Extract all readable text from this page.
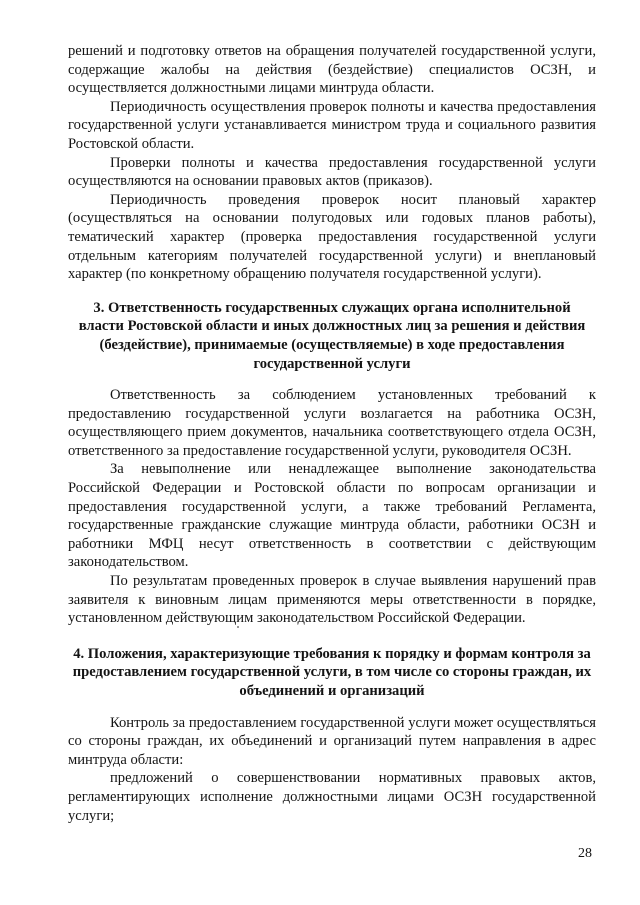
решений и подготовку ответов на обращения получателей государственной услуги, содержащие жалобы на действия (бездействие) специалистов ОСЗН, и осуществляется должностными лицами минтруда области.

Периодичность осуществления проверок полноты и качества предоставления государственной услуги устанавливается министром труда и социального развития Ростовской области.

Проверки полноты и качества предоставления государственной услуги осуществляются на основании правовых актов (приказов).

Периодичность проведения проверок носит плановый характер (осуществляться на основании полугодовых или годовых планов работы), тематический характер (проверка предоставления государственной услуги отдельным категориям получателей государственной услуги) и внеплановый характер (по конкретному обращению получателя государственной услуги).

3. Ответственность государственных служащих органа исполнительной власти Ростовской области и иных должностных лиц за решения и действия (бездействие), принимаемые (осуществляемые) в ходе предоставления государственной услуги

Ответственность за соблюдением установленных требований к предоставлению государственной услуги возлагается на работника ОСЗН, осуществляющего прием документов, начальника соответствующего отдела ОСЗН, ответственного за предоставление государственной услуги, руководителя ОСЗН.

За невыполнение или ненадлежащее выполнение законодательства Российской Федерации и Ростовской области по вопросам организации и предоставления государственной услуги, а также требований Регламента, государственные гражданские служащие минтруда области, работники ОСЗН и работники МФЦ несут ответственность в соответствии с действующим законодательством.

По результатам проведенных проверок в случае выявления нарушений прав заявителя к виновным лицам применяются меры ответственности в порядке, установленном действующим законодательством Российской Федерации.

4. Положения, характеризующие требования к порядку и формам контроля за предоставлением государственной услуги, в том числе со стороны граждан, их объединений и организаций

Контроль за предоставлением государственной услуги может осуществляться со стороны граждан, их объединений и организаций путем направления в адрес минтруда области:

предложений о совершенствовании нормативных правовых актов, регламентирующих исполнение должностными лицами ОСЗН государственной услуги;

28
